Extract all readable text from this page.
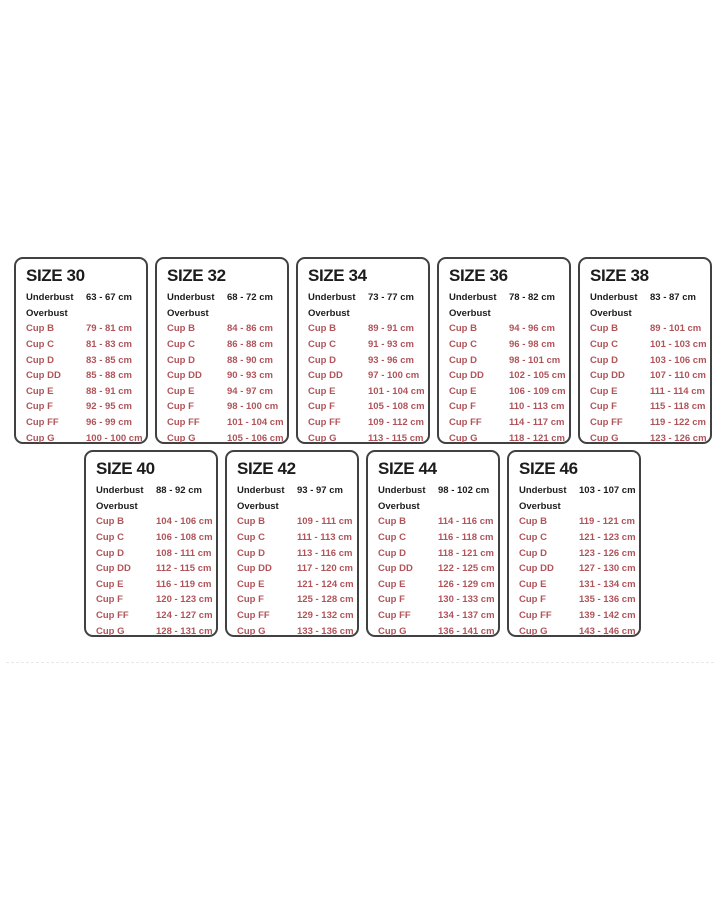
SIZE 30
Underbust	63 - 67 cm
Overbust
Cup B	79 - 81 cm
Cup C	81 - 83 cm
Cup D	83 - 85 cm
Cup DD	85 - 88 cm
Cup E	88 - 91 cm
Cup F	92 - 95 cm
Cup FF	96 - 99 cm
Cup G	100 - 100 cm
SIZE 32
Underbust	68 - 72 cm
Overbust
Cup B	84 - 86 cm
Cup C	86 - 88 cm
Cup D	88 - 90 cm
Cup DD	90 - 93 cm
Cup E	94 - 97 cm
Cup F	98 - 100 cm
Cup FF	101 - 104 cm
Cup G	105 - 106 cm
SIZE 34
Underbust	73 - 77 cm
Overbust
Cup B	89 - 91 cm
Cup C	91 - 93 cm
Cup D	93 - 96 cm
Cup DD	97 - 100 cm
Cup E	101 - 104 cm
Cup F	105 - 108 cm
Cup FF	109 - 112 cm
Cup G	113 - 115 cm
SIZE 36
Underbust	78 - 82 cm
Overbust
Cup B	94 - 96 cm
Cup C	96 - 98 cm
Cup D	98 - 101 cm
Cup DD	102 - 105 cm
Cup E	106 - 109 cm
Cup F	110 - 113 cm
Cup FF	114 - 117 cm
Cup G	118 - 121 cm
SIZE 38
Underbust	83 - 87 cm
Overbust
Cup B	89 - 101 cm
Cup C	101 - 103 cm
Cup D	103 - 106 cm
Cup DD	107 - 110 cm
Cup E	111 - 114 cm
Cup F	115 - 118 cm
Cup FF	119 - 122 cm
Cup G	123 - 126 cm
SIZE 40
Underbust	88 - 92 cm
Overbust
Cup B	104 - 106 cm
Cup C	106 - 108 cm
Cup D	108 - 111 cm
Cup DD	112 - 115 cm
Cup E	116 - 119 cm
Cup F	120 - 123 cm
Cup FF	124 - 127 cm
Cup G	128 - 131 cm
SIZE 42
Underbust	93 - 97 cm
Overbust
Cup B	109 - 111 cm
Cup C	111 - 113 cm
Cup D	113 - 116 cm
Cup DD	117 - 120 cm
Cup E	121 - 124 cm
Cup F	125 - 128 cm
Cup FF	129 - 132 cm
Cup G	133 - 136 cm
SIZE 44
Underbust	98 - 102 cm
Overbust
Cup B	114 - 116 cm
Cup C	116 - 118 cm
Cup D	118 - 121 cm
Cup DD	122 - 125 cm
Cup E	126 - 129 cm
Cup F	130 - 133 cm
Cup FF	134 - 137 cm
Cup G	136 - 141 cm
SIZE 46
Underbust	103 - 107 cm
Overbust
Cup B	119 - 121 cm
Cup C	121 - 123 cm
Cup D	123 - 126 cm
Cup DD	127 - 130 cm
Cup E	131 - 134 cm
Cup F	135 - 136 cm
Cup FF	139 - 142 cm
Cup G	143 - 146 cm
